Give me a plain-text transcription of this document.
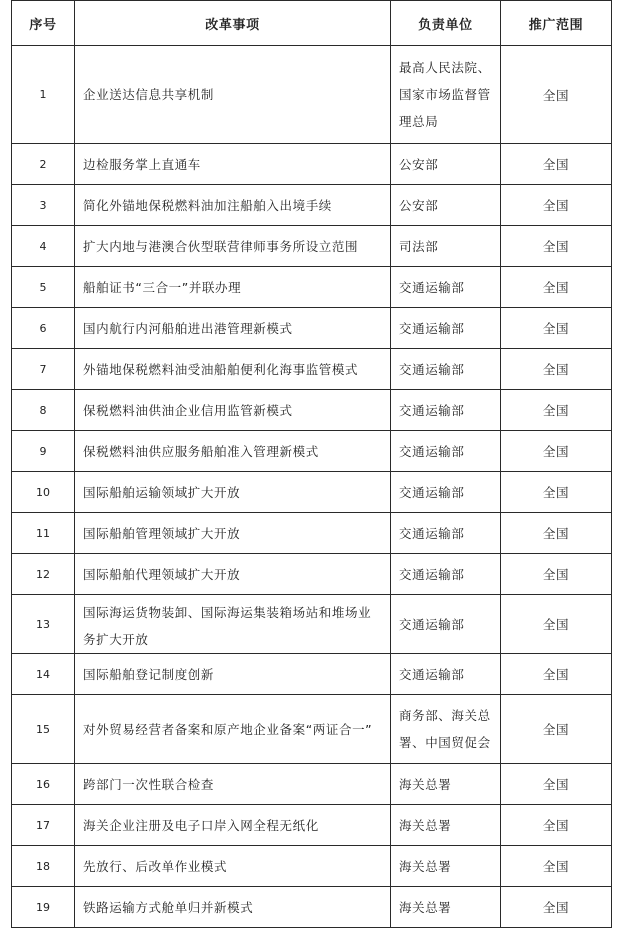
序号	改革事项	负责单位	推广范围
1	企业送达信息共享机制	最高人民法院、国家市场监督管理总局	全国
2	边检服务掌上直通车	公安部	全国
3	简化外锚地保税燃料油加注船舶入出境手续	公安部	全国
4	扩大内地与港澳合伙型联营律师事务所设立范围	司法部	全国
5	船舶证书“三合一”并联办理	交通运输部	全国
6	国内航行内河船舶进出港管理新模式	交通运输部	全国
7	外锚地保税燃料油受油船舶便利化海事监管模式	交通运输部	全国
8	保税燃料油供油企业信用监管新模式	交通运输部	全国
9	保税燃料油供应服务船舶准入管理新模式	交通运输部	全国
10	国际船舶运输领域扩大开放	交通运输部	全国
11	国际船舶管理领域扩大开放	交通运输部	全国
12	国际船舶代理领域扩大开放	交通运输部	全国
13	国际海运货物装卸、国际海运集装箱场站和堆场业务扩大开放	交通运输部	全国
14	国际船舶登记制度创新	交通运输部	全国
15	对外贸易经营者备案和原产地企业备案“两证合一”	商务部、海关总署、中国贸促会	全国
16	跨部门一次性联合检查	海关总署	全国
17	海关企业注册及电子口岸入网全程无纸化	海关总署	全国
18	先放行、后改单作业模式	海关总署	全国
19	铁路运输方式舱单归并新模式	海关总署	全国
